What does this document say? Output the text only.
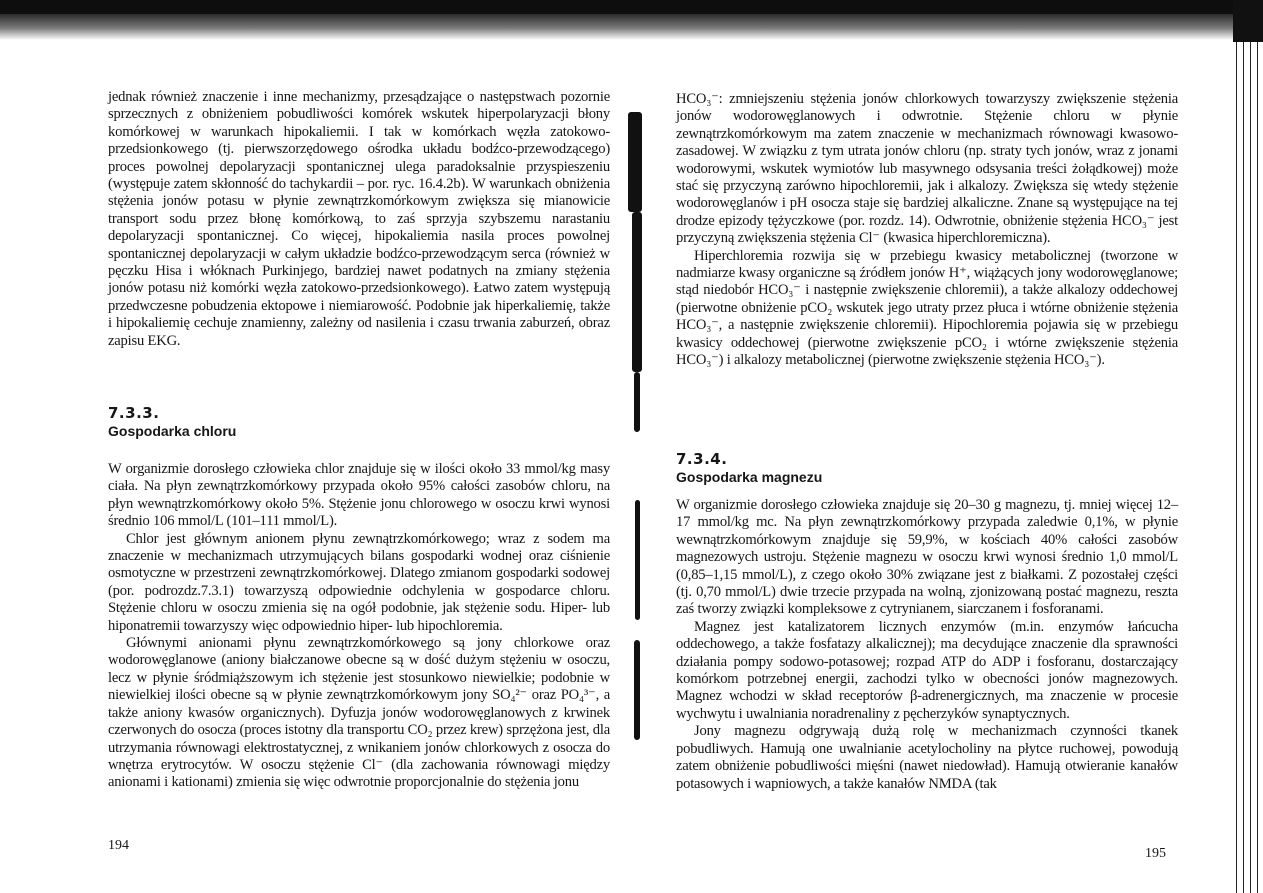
jednak również znaczenie i inne mechanizmy, przesądzające o następstwach pozornie sprzecznych z obniżeniem pobudliwości komórek wskutek hiperpolaryzacji błony komórkowej w warunkach hipokaliemii. I tak w komórkach węzła zatokowo-przedsionkowego (tj. pierwszorzędowego ośrodka układu bodźco-przewodzącego) proces powolnej depolaryzacji spontanicznej ulega paradoksalnie przyspieszeniu (występuje zatem skłonność do tachykardii – por. ryc. 16.4.2b). W warunkach obniżenia stężenia jonów potasu w płynie zewnątrzkomórkowym zwiększa się mianowicie transport sodu przez błonę komórkową, to zaś sprzyja szybszemu narastaniu depolaryzacji spontanicznej. Co więcej, hipokaliemia nasila proces powolnej spontanicznej depolaryzacji w całym układzie bodźco-przewodzącym serca (również w pęczku Hisa i włóknach Purkinjego, bardziej nawet podatnych na zmiany stężenia jonów potasu niż komórki węzła zatokowo-przedsionkowego). Łatwo zatem występują przedwczesne pobudzenia ektopowe i niemiarowość. Podobnie jak hiperkaliemię, także i hipokaliemię cechuje znamienny, zależny od nasilenia i czasu trwania zaburzeń, obraz zapisu EKG.

7.3.3.
Gospodarka chloru

W organizmie dorosłego człowieka chlor znajduje się w ilości około 33 mmol/kg masy ciała. Na płyn zewnątrzkomórkowy przypada około 95% całości zasobów chloru, na płyn wewnątrzkomórkowy około 5%. Stężenie jonu chlorowego w osoczu krwi wynosi średnio 106 mmol/L (101–111 mmol/L).

Chlor jest głównym anionem płynu zewnątrzkomórkowego; wraz z sodem ma znaczenie w mechanizmach utrzymujących bilans gospodarki wodnej oraz ciśnienie osmotyczne w przestrzeni zewnątrzkomórkowej. Dlatego zmianom gospodarki sodowej (por. podrozdz.7.3.1) towarzyszą odpowiednie odchylenia w gospodarce chloru. Stężenie chloru w osoczu zmienia się na ogół podobnie, jak stężenie sodu. Hiper- lub hiponatremii towarzyszy więc odpowiednio hiper- lub hipochloremia.

Głównymi anionami płynu zewnątrzkomórkowego są jony chlorkowe oraz wodorowęglanowe (aniony białczanowe obecne są w dość dużym stężeniu w osoczu, lecz w płynie śródmiąższowym ich stężenie jest stosunkowo niewielkie; podobnie w niewielkiej ilości obecne są w płynie zewnątrzkomórkowym jony SO₄²⁻ oraz PO₄³⁻, a także aniony kwasów organicznych). Dyfuzja jonów wodorowęglanowych z krwinek czerwonych do osocza (proces istotny dla transportu CO₂ przez krew) sprzężona jest, dla utrzymania równowagi elektrostatycznej, z wnikaniem jonów chlorkowych z osocza do wnętrza erytrocytów. W osoczu stężenie Cl⁻ (dla zachowania równowagi między anionami i kationami) zmienia się więc odwrotnie proporcjonalnie do stężenia jonu

194

HCO₃⁻: zmniejszeniu stężenia jonów chlorkowych towarzyszy zwiększenie stężenia jonów wodorowęglanowych i odwrotnie. Stężenie chloru w płynie zewnątrzkomórkowym ma zatem znaczenie w mechanizmach równowagi kwasowo-zasadowej. W związku z tym utrata jonów chloru (np. straty tych jonów, wraz z jonami wodorowymi, wskutek wymiotów lub masywnego odsysania treści żołądkowej) może stać się przyczyną zarówno hipochloremii, jak i alkalozy. Zwiększa się wtedy stężenie wodorowęglanów i pH osocza staje się bardziej alkaliczne. Znane są występujące na tej drodze epizody tężyczkowe (por. rozdz. 14). Odwrotnie, obniżenie stężenia HCO₃⁻ jest przyczyną zwiększenia stężenia Cl⁻ (kwasica hiperchloremiczna).

Hiperchloremia rozwija się w przebiegu kwasicy metabolicznej (tworzone w nadmiarze kwasy organiczne są źródłem jonów H⁺, wiążących jony wodorowęglanowe; stąd niedobór HCO₃⁻ i następnie zwiększenie chloremii), a także alkalozy oddechowej (pierwotne obniżenie pCO₂ wskutek jego utraty przez płuca i wtórne obniżenie stężenia HCO₃⁻, a następnie zwiększenie chloremii). Hipochloremia pojawia się w przebiegu kwasicy oddechowej (pierwotne zwiększenie pCO₂ i wtórne zwiększenie stężenia HCO₃⁻) i alkalozy metabolicznej (pierwotne zwiększenie stężenia HCO₃⁻).

7.3.4.
Gospodarka magnezu

W organizmie dorosłego człowieka znajduje się 20–30 g magnezu, tj. mniej więcej 12–17 mmol/kg mc. Na płyn zewnątrzkomórkowy przypada zaledwie 0,1%, w płynie wewnątrzkomórkowym znajduje się 59,9%, w kościach 40% całości zasobów magnezowych ustroju. Stężenie magnezu w osoczu krwi wynosi średnio 1,0 mmol/L (0,85–1,15 mmol/L), z czego około 30% związane jest z białkami. Z pozostałej części (tj. 0,70 mmol/L) dwie trzecie przypada na wolną, zjonizowaną postać magnezu, reszta zaś tworzy związki kompleksowe z cytrynianem, siarczanem i fosforanami.

Magnez jest katalizatorem licznych enzymów (m.in. enzymów łańcucha oddechowego, a także fosfatazy alkalicznej); ma decydujące znaczenie dla sprawności działania pompy sodowo-potasowej; rozpad ATP do ADP i fosforanu, dostarczający komórkom potrzebnej energii, zachodzi tylko w obecności jonów magnezowych. Magnez wchodzi w skład receptorów β-adrenergicznych, ma znaczenie w procesie wychwytu i uwalniania noradrenaliny z pęcherzyków synaptycznych.

Jony magnezu odgrywają dużą rolę w mechanizmach czynności tkanek pobudliwych. Hamują one uwalnianie acetylocholiny na płytce ruchowej, powodują zatem obniżenie pobudliwości mięśni (nawet niedowład). Hamują otwieranie kanałów potasowych i wapniowych, a także kanałów NMDA (tak

195
